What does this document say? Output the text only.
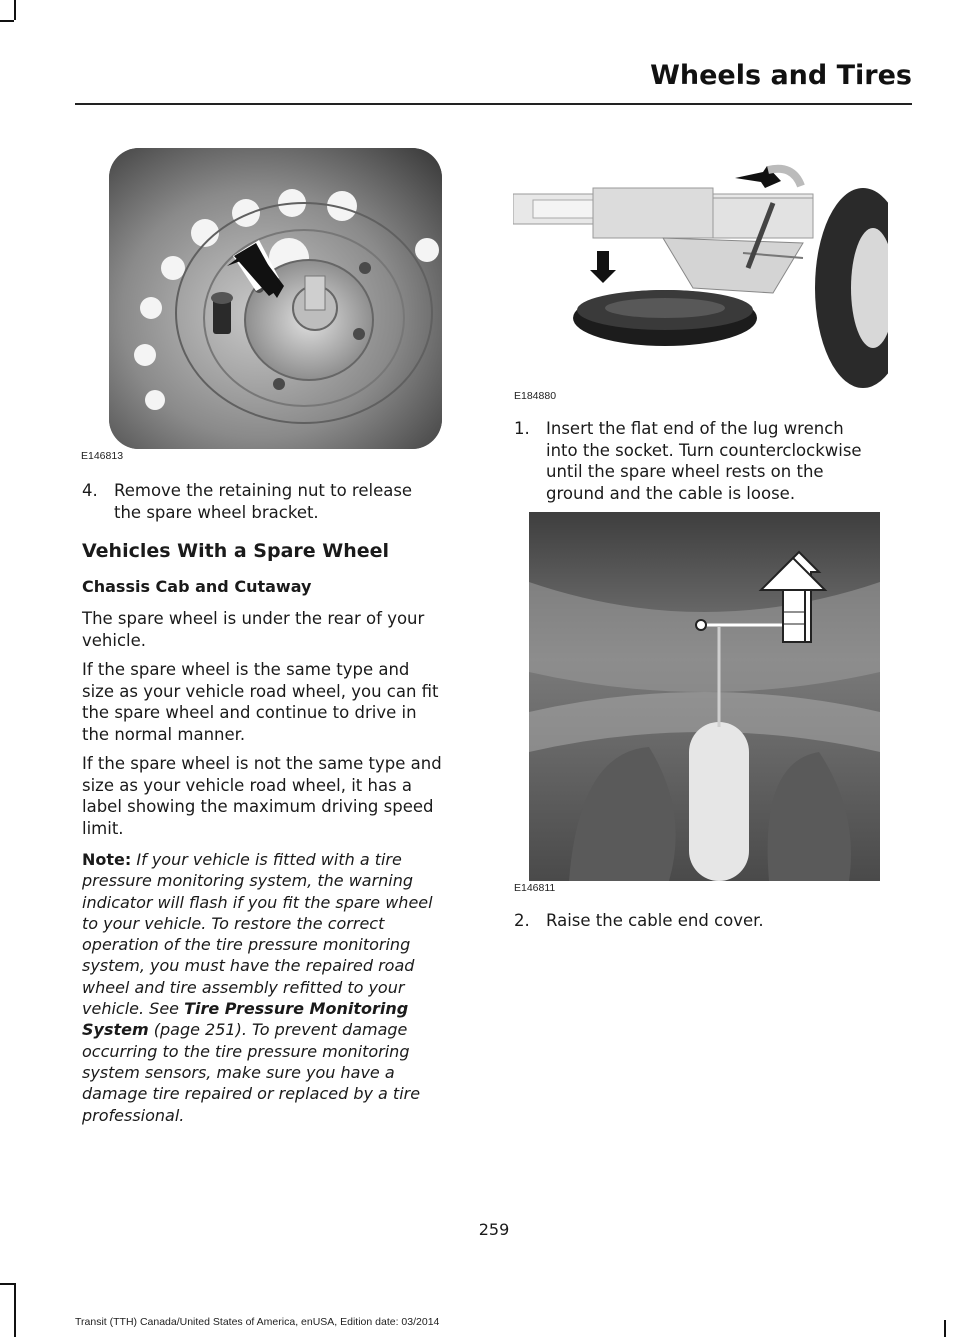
Wheels and Tires
E146813
E184880
E146811
4. Remove the retaining nut to release
the spare wheel bracket.
Vehicles With a Spare Wheel
Chassis Cab and Cutaway
The spare wheel is under the rear of your
vehicle.
If the spare wheel is the same type and
size as your vehicle road wheel, you can fit
the spare wheel and continue to drive in
the normal manner.
If the spare wheel is not the same type and
size as your vehicle road wheel, it has a
label showing the maximum driving speed
limit.
Note: If your vehicle is fitted with a tire
pressure monitoring system, the warning
indicator will flash if you fit the spare wheel
to your vehicle. To restore the correct
operation of the tire pressure monitoring
system, you must have the repaired road
wheel and tire assembly refitted to your
vehicle. See Tire Pressure Monitoring
System (page 251). To prevent damage
occurring to the tire pressure monitoring
system sensors, make sure you have a
damage tire repaired or replaced by a tire
professional.
1. Insert the flat end of the lug wrench
into the socket. Turn counterclockwise
until the spare wheel rests on the
ground and the cable is loose.
2. Raise the cable end cover.
259
Transit (TTH) Canada/United States of America, enUSA, Edition date: 03/2014
